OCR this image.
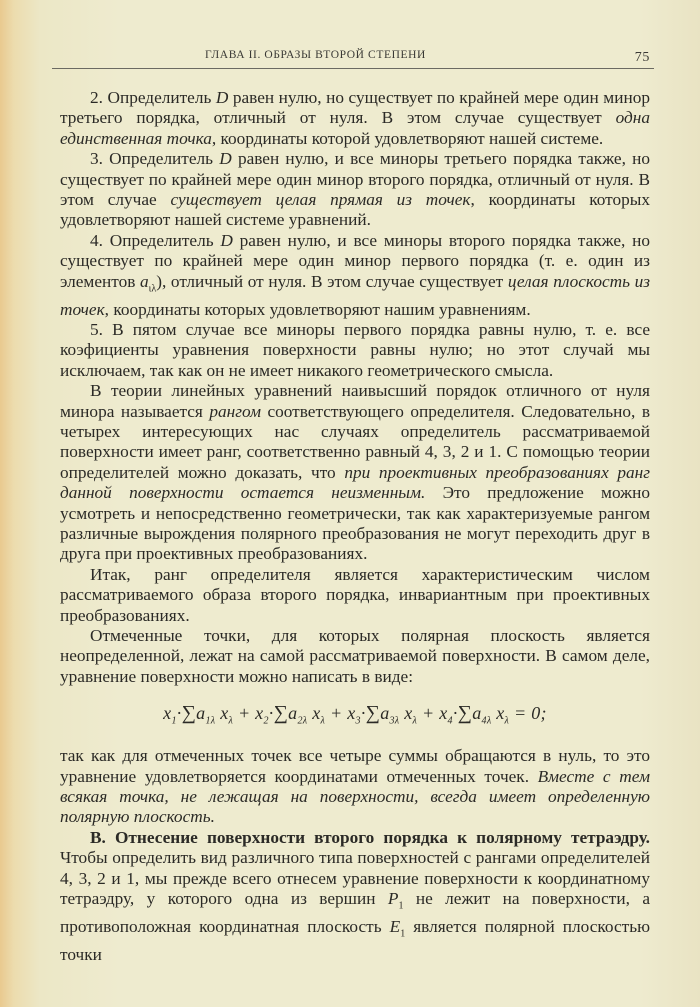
ГЛАВА II. ОБРАЗЫ ВТОРОЙ СТЕПЕНИ	75

2. Определитель D равен нулю, но существует по крайней мере один минор третьего порядка, отличный от нуля. В этом случае существует одна единственная точка, координаты которой удовлетворяют нашей системе.

3. Определитель D равен нулю, и все миноры третьего порядка также, но существует по крайней мере один минор второго порядка, отличный от нуля. В этом случае существует целая прямая из точек, координаты которых удовлетворяют нашей системе уравнений.

4. Определитель D равен нулю, и все миноры второго порядка также, но существует по крайней мере один минор первого порядка (т. е. один из элементов $a_{\iota\lambda}$), отличный от нуля. В этом случае существует целая плоскость из точек, координаты которых удовлетворяют нашим уравнениям.

5. В пятом случае все миноры первого порядка равны нулю, т. е. все коэфициенты уравнения поверхности равны нулю; но этот случай мы исключаем, так как он не имеет никакого геометрического смысла.

В теории линейных уравнений наивысший порядок отличного от нуля минора называется рангом соответствующего определителя. Следовательно, в четырех интересующих нас случаях определитель рассматриваемой поверхности имеет ранг, соответственно равный 4, 3, 2 и 1. С помощью теории определителей можно доказать, что при проективных преобразованиях ранг данной поверхности остается неизменным. Это предложение можно усмотреть и непосредственно геометрически, так как характеризуемые рангом различные вырождения полярного преобразования не могут переходить друг в друга при проективных преобразованиях.

Итак, ранг определителя является характеристическим числом рассматриваемого образа второго порядка, инвариантным при проективных преобразованиях.

Отмеченные точки, для которых полярная плоскость является неопределенной, лежат на самой рассматриваемой поверхности. В самом деле, уравнение поверхности можно написать в виде:

$x_1\cdot\sum a_{1\lambda}$ $x_\lambda + x_2\cdot\sum a_{2\lambda}$ $x_\lambda + x_3\cdot\sum a_{3\lambda}$ $x_\lambda + x_4\cdot\sum a_{4\lambda}$ $x_\lambda = 0$;

так как для отмеченных точек все четыре суммы обращаются в нуль, то это уравнение удовлетворяется координатами отмеченных точек. Вместе с тем всякая точка, не лежащая на поверхности, всегда имеет определенную полярную плоскость.

B. Отнесение поверхности второго порядка к полярному тетраэдру. Чтобы определить вид различного типа поверхностей с рангами определителей 4, 3, 2 и 1, мы прежде всего отнесем уравнение поверхности к координатному тетраэдру, у которого одна из вершин $P_1$ не лежит на поверхности, а противоположная координатная плоскость $E_1$ является полярной плоскостью точки
